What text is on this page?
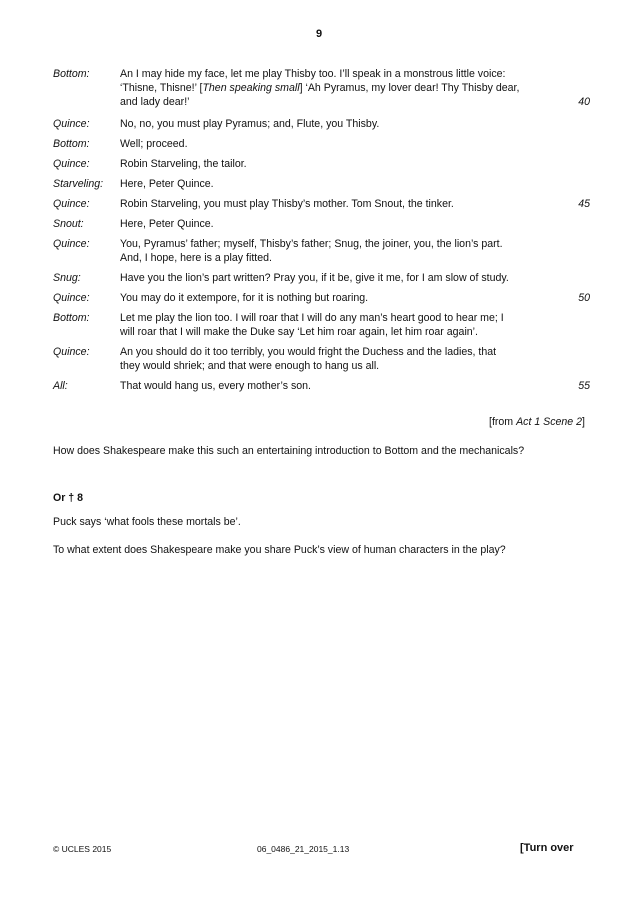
9
Bottom:	An I may hide my face, let me play Thisby too. I’ll speak in a monstrous little voice:
‘Thisne, Thisne!’ [Then speaking small] ‘Ah Pyramus, my lover dear! Thy Thisby dear,
and lady dear!’	40
Quince:	No, no, you must play Pyramus; and, Flute, you Thisby.
Bottom:	Well; proceed.
Quince:	Robin Starveling, the tailor.
Starveling: Here, Peter Quince.
Quince:	Robin Starveling, you must play Thisby’s mother. Tom Snout, the tinker.	45
Snout:	Here, Peter Quince.
Quince:	You, Pyramus’ father; myself, Thisby’s father; Snug, the joiner, you, the lion’s part.
And, I hope, here is a play fitted.
Snug:	Have you the lion’s part written? Pray you, if it be, give it me, for I am slow of study.
Quince:	You may do it extempore, for it is nothing but roaring.	50
Bottom:	Let me play the lion too. I will roar that I will do any man’s heart good to hear me; I
will roar that I will make the Duke say ‘Let him roar again, let him roar again’.
Quince:	An you should do it too terribly, you would fright the Duchess and the ladies, that
they would shriek; and that were enough to hang us all.
All:	That would hang us, every mother’s son.	55
[from Act 1 Scene 2]
How does Shakespeare make this such an entertaining introduction to Bottom and the mechanicals?
Or † 8
Puck says ‘what fools these mortals be’.
To what extent does Shakespeare make you share Puck’s view of human characters in the play?
© UCLES 2015	06_0486_21_2015_1.13	[Turn over
